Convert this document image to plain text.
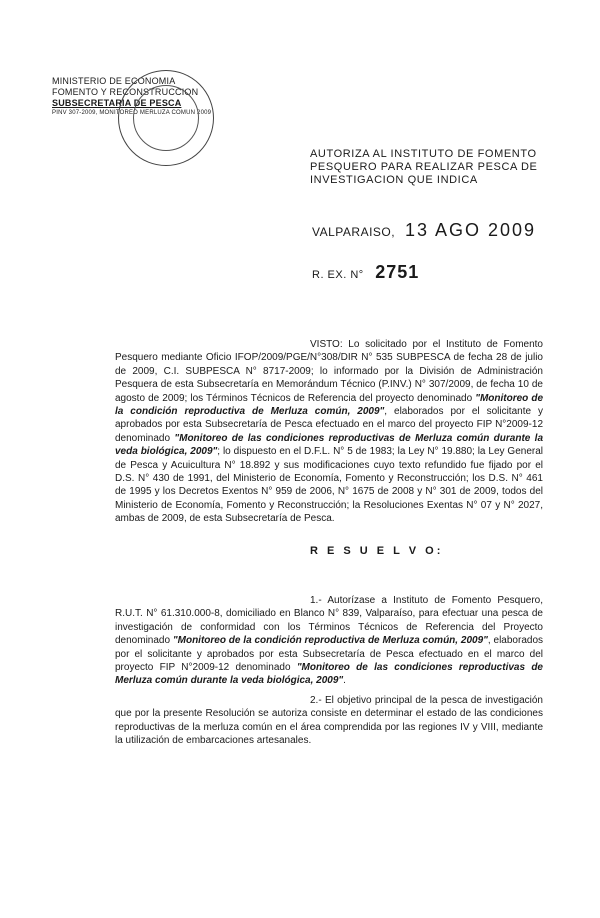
MINISTERIO DE ECONOMIA
FOMENTO Y RECONSTRUCCION
SUBSECRETARIA DE PESCA
PINV 307-2009, MONITOREO MERLUZA COMUN 2009
AUTORIZA AL INSTITUTO DE FOMENTO PESQUERO PARA REALIZAR PESCA DE INVESTIGACION QUE INDICA
VALPARAISO, 13 AGO 2009
R. EX. N° 2751
VISTO: Lo solicitado por el Instituto de Fomento Pesquero mediante Oficio IFOP/2009/PGE/N°308/DIR N° 535 SUBPESCA de fecha 28 de julio de 2009, C.I. SUBPESCA N° 8717-2009; lo informado por la División de Administración Pesquera de esta Subsecretaría en Memorándum Técnico (P.INV.) N° 307/2009, de fecha 10 de agosto de 2009; los Términos Técnicos de Referencia del proyecto denominado "Monitoreo de la condición reproductiva de Merluza común, 2009", elaborados por el solicitante y aprobados por esta Subsecretaría de Pesca efectuado en el marco del proyecto FIP N°2009-12 denominado "Monitoreo de las condiciones reproductivas de Merluza común durante la veda biológica, 2009"; lo dispuesto en el D.F.L. N° 5 de 1983; la Ley N° 19.880; la Ley General de Pesca y Acuicultura N° 18.892 y sus modificaciones cuyo texto refundido fue fijado por el D.S. N° 430 de 1991, del Ministerio de Economía, Fomento y Reconstrucción; los D.S. N° 461 de 1995 y los Decretos Exentos N° 959 de 2006, N° 1675 de 2008 y N° 301 de 2009, todos del Ministerio de Economía, Fomento y Reconstrucción; la Resoluciones Exentas N° 07 y N° 2027, ambas de 2009, de esta Subsecretaría de Pesca.
R E S U E L V O:
1.- Autorízase a Instituto de Fomento Pesquero, R.U.T. N° 61.310.000-8, domiciliado en Blanco N° 839, Valparaíso, para efectuar una pesca de investigación de conformidad con los Términos Técnicos de Referencia del Proyecto denominado "Monitoreo de la condición reproductiva de Merluza común, 2009", elaborados por el solicitante y aprobados por esta Subsecretaría de Pesca efectuado en el marco del proyecto FIP N°2009-12 denominado "Monitoreo de las condiciones reproductivas de Merluza común durante la veda biológica, 2009".
2.- El objetivo principal de la pesca de investigación que por la presente Resolución se autoriza consiste en determinar el estado de las condiciones reproductivas de la merluza común en el área comprendida por las regiones IV y VIII, mediante la utilización de embarcaciones artesanales.
